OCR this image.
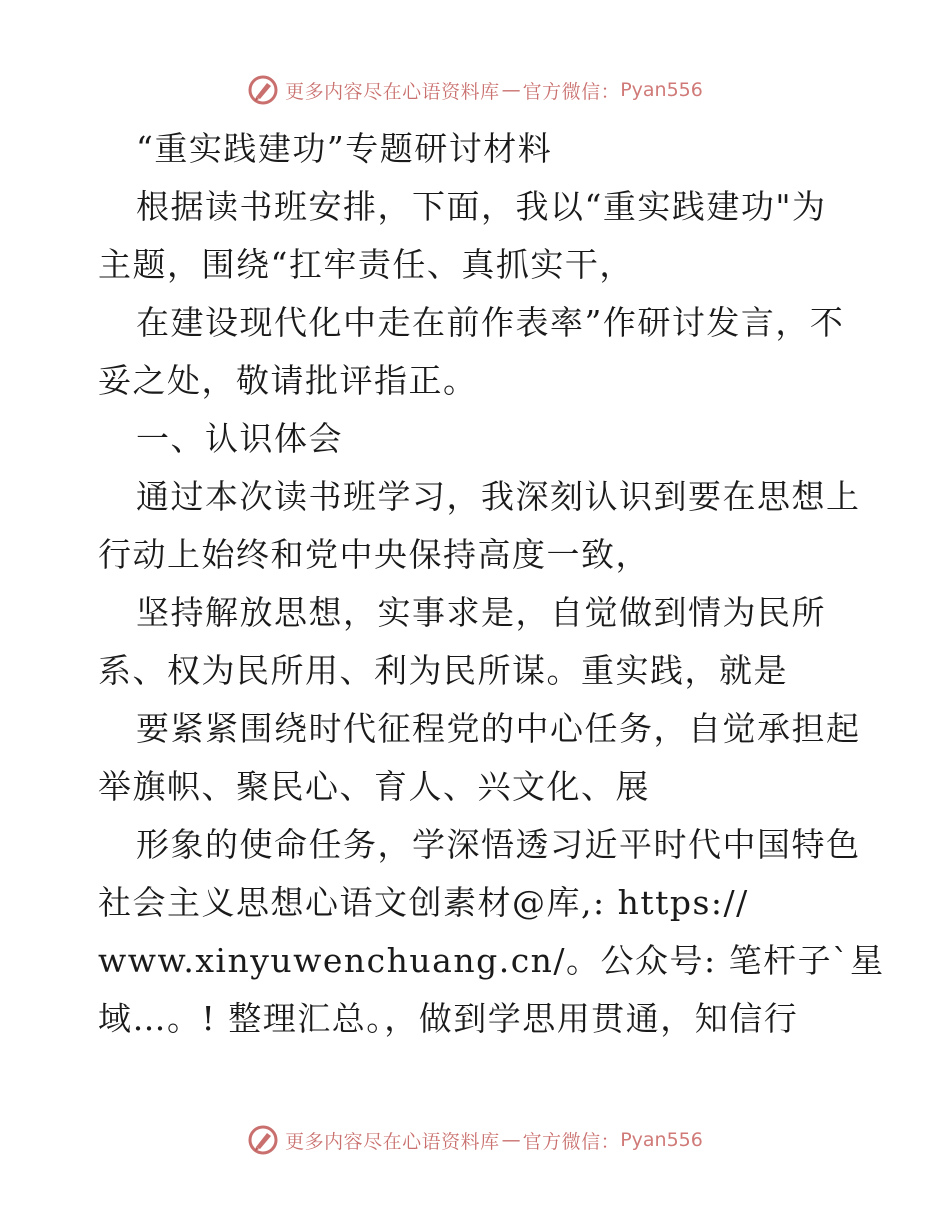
更多内容尽在心语资料库 — 官方微信： Pyan556
“重实践建功”专题研讨材料
根据读书班安排，下面，我以“重实践建功"为
主题，围绕“扛牢责任、真抓实干，
在建设现代化中走在前作表率”作研讨发言，不
妥之处，敬请批评指正。
一、认识体会
通过本次读书班学习，我深刻认识到要在思想上
行动上始终和党中央保持高度一致，
坚持解放思想，实事求是，自觉做到情为民所
系、权为民所用、利为民所谋。重实践，就是
要紧紧围绕时代征程党的中心任务，自觉承担起
举旗帜、聚民心、育人、兴文化、展
形象的使命任务，学深悟透习近平时代中国特色
社会主义思想心语文创素材@库,: https://
www.xinyuwenchuang.cn/。公众号: 笔杆子`星
域…。! 整理汇总。，做到学思用贯通，知信行
更多内容尽在心语资料库 — 官方微信： Pyan556
